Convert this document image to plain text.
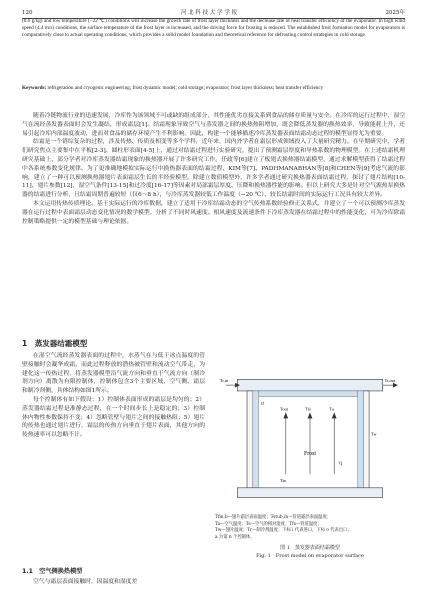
120	河 北 科 技 大 学 学 报	2025年
(0.6 g/kg) and low temperature (−22 ℃) conditions will increase the growth rate of frost layer thickness and the decrease rate of heat transfer efficiency of the evaporator. In high wind speed (4.4 m/s) conditions, the surface temperature of the frost layer is increased, and the driving force for frosting is reduced. The established frost formation model for evaporators is comparatively close to actual operating conditions, which provides a solid model foundation and theoretical reference for defrosting control strategies in cold storage.
Keywords: refrigeration and cryogenic engineering; frost dynamic model; cold storage; evaporator; frost layer thickness; heat transfer efficiency

随着冷链物流行业的迅速发展，冷库作为该领域不可或缺的组成部分，其性能优劣直接关系到食品的储存质量与安全。在冷库的运行过程中，湿空气在流经蒸发器表面时会发生凝结，形成霜层[1]。结霜现象导致空气与蒸发器之间的换热热阻增加，既会降低蒸发器的换热效率，导致能耗上升，还易引起冷库内部温度波动，进而对食品的储存环境产生不利影响。因此，构建一个能够描述冷库蒸发器表面结霜动态过程的模型显得尤为重要。

结霜是一个错综复杂的过程，涉及传热、传质及相变等多个学科，近年来，国内外学者在霜层形成领域投入了大量研究精力。在早期研究中，学者们研究焦点主要集中在平板[2-3]、圆柱形表面[4-5]上，通过对结霜过程进行实验研究，提出了预测霜层厚度和导热系数的物理模型。在上述结霜机理研究基础上，部分学者对冷库蒸发器结霜现象的换热器开展了许多研究工作。任政等[6]建立了板翅式换热器结霜模型，通过求解模型获得了结霜过程中各系统参数变化规律。为了更准确地模拟实际运行中换热器表面的结霜过程，KIM等[7]、PADHMANABHAN等[8]和CHEN等[9]考虑气流的影响，建立了一种可以预测换热器翅片表面霜层生长的半经验模型。除建立数值模型外，许多学者通过研究换热器表面结霜过程，探讨了翅片结构[10-11]、翅片参数[12]、湿空气条件[13-15]和过冷度[16-17]等因素对局部霜层厚度、压降和换热器性能的影响。但以上研究大多是针对空气源热泵换热器的结霜进行分析，且结霜周期普遍较短（仅6～8 h），与冷库蒸发器较低工作温度（−20 ℃）、较长结霜时间的实际运行工况具有较大差异。

本文运用传热传质理论，基于实际运行的冷库数据，建立了适用于冷库结霜动态的空气传热系数经验修正关系式，并建立了一个可以预测冷库蒸发器在运行过程中表面霜层动态变化情况的数学模型。分析了不同时风速度、相风速度及流速条件下冷库蒸发器在结霜过程中的性能变化，可为冷库除霜控制策略提供一定的模型基础与理论依据。

1　蒸发器结霜模型

在湿空气流经蒸发器表面的过程中，水蒸气在与低于冰点温度的管壁接触时会凝华成霜，而此过程释放的潜热被管壁和流动空气带走，为建化这一传热过程，将蒸发器模型沿气流方向和垂直于气流方向（制冷剂方向）离散为有限控制体，控制体包含3个主要区域，空气侧、霜层和制冷剂侧，具体结构如图1所示。

每个控制体有如下假设：1）控制体表面形成的霜层是均匀的；2）蒸发器结霜过程是准静态过程，在一个时间步长上是稳定的；3）控制体内物性参数保持不变；4）忽略管壁与翅片之间的接触热阻；5）翅片的传热也通过翅片进行，霜层的传热方向垂直于翅片表面，其他方向的传热速率可以忽略不计。

1.1　空气侧换热模型

空气与霜层表面接触时，因温度和湿度差

Frost
Tr,in	Tr,out
Tout	Tfs	Ta
Tin
Tw
xf
Q
Tfin,b—翅片霜层表面温度；Tstub,in—管道霜层表面温度；
Ta—空气温度；Ts—空气的相对湿度；Tfs—管道温度；
Tw—翅片温度；Tr—制冷剂温度；下标 i 代表进口，下标 o 代表出口；
a 为第 n 个控制体。
图 1　蒸发器表面结霜模型
Fig. 1　Frost model on evaporator surface
